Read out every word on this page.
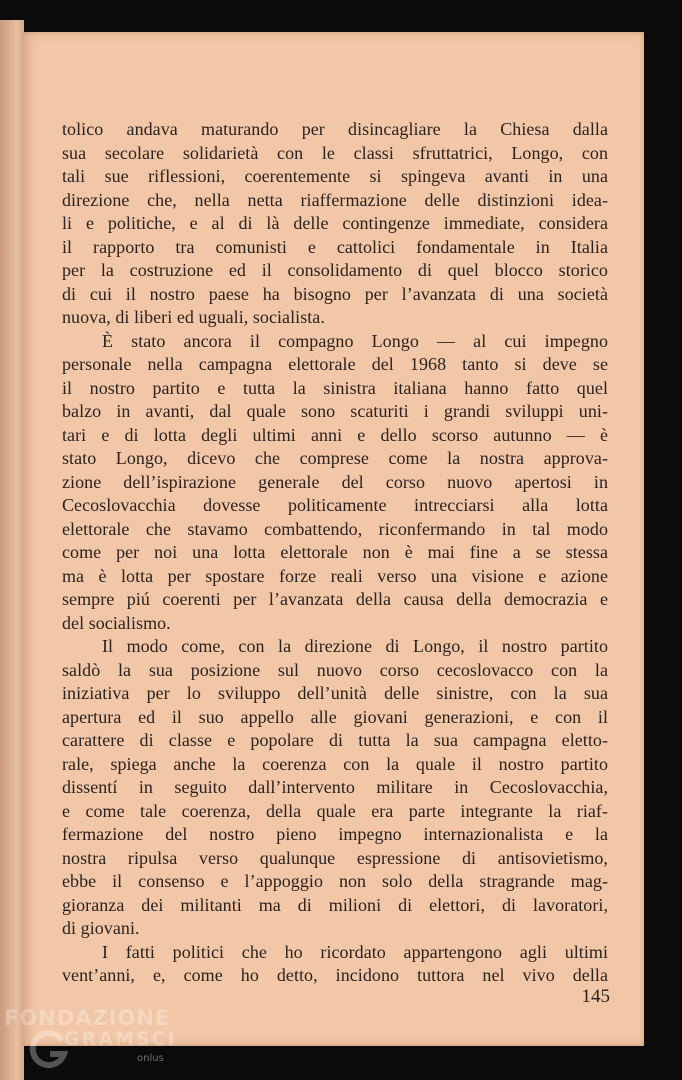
tolico andava maturando per disincagliare la Chiesa dalla
sua secolare solidarietà con le classi sfruttatrici, Longo, con
tali sue riflessioni, coerentemente si spingeva avanti in una
direzione che, nella netta riaffermazione delle distinzioni idea-
li e politiche, e al di là delle contingenze immediate, considera
il rapporto tra comunisti e cattolici fondamentale in Italia
per la costruzione ed il consolidamento di quel blocco storico
di cui il nostro paese ha bisogno per l’avanzata di una società
nuova, di liberi ed uguali, socialista.
È stato ancora il compagno Longo — al cui impegno
personale nella campagna elettorale del 1968 tanto si deve se
il nostro partito e tutta la sinistra italiana hanno fatto quel
balzo in avanti, dal quale sono scaturiti i grandi sviluppi uni-
tari e di lotta degli ultimi anni e dello scorso autunno — è
stato Longo, dicevo che comprese come la nostra approva-
zione dell’ispirazione generale del corso nuovo apertosi in
Cecoslovacchia dovesse politicamente intrecciarsi alla lotta
elettorale che stavamo combattendo, riconfermando in tal modo
come per noi una lotta elettorale non è mai fine a se stessa
ma è lotta per spostare forze reali verso una visione e azione
sempre piú coerenti per l’avanzata della causa della democrazia e
del socialismo.
Il modo come, con la direzione di Longo, il nostro partito
saldò la sua posizione sul nuovo corso cecoslovacco con la
iniziativa per lo sviluppo dell’unità delle sinistre, con la sua
apertura ed il suo appello alle giovani generazioni, e con il
carattere di classe e popolare di tutta la sua campagna eletto-
rale, spiega anche la coerenza con la quale il nostro partito
dissentí in seguito dall’intervento militare in Cecoslovacchia,
e come tale coerenza, della quale era parte integrante la riaf-
fermazione del nostro pieno impegno internazionalista e la
nostra ripulsa verso qualunque espressione di antisovietismo,
ebbe il consenso e l’appoggio non solo della stragrande mag-
gioranza dei militanti ma di milioni di elettori, di lavoratori,
di giovani.
I fatti politici che ho ricordato appartengono agli ultimi
vent’anni, e, come ho detto, incidono tuttora nel vivo della
145
FONDAZIONE
GRAMSCI
onlus
